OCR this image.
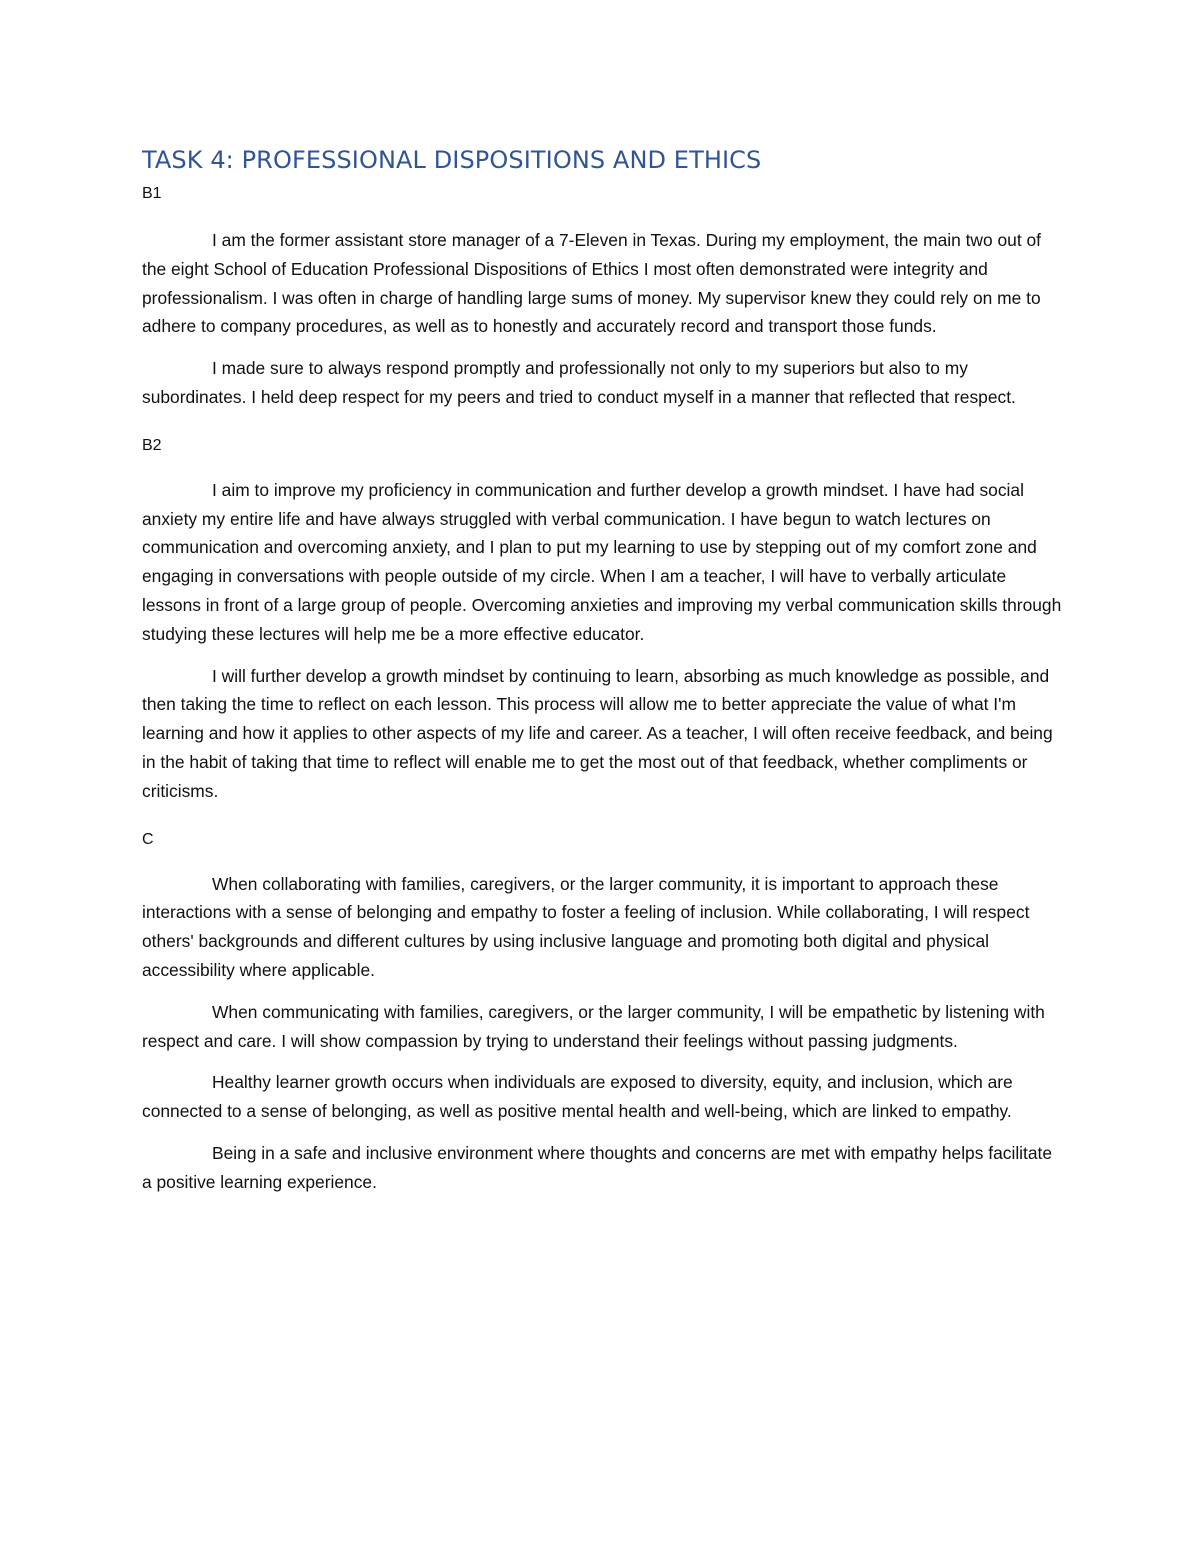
TASK 4: PROFESSIONAL DISPOSITIONS AND ETHICS
B1

I am the former assistant store manager of a 7-Eleven in Texas. During my employment, the main two out of the eight School of Education Professional Dispositions of Ethics I most often demonstrated were integrity and professionalism. I was often in charge of handling large sums of money. My supervisor knew they could rely on me to adhere to company procedures, as well as to honestly and accurately record and transport those funds.

I made sure to always respond promptly and professionally not only to my superiors but also to my subordinates. I held deep respect for my peers and tried to conduct myself in a manner that reflected that respect.

B2

I aim to improve my proficiency in communication and further develop a growth mindset. I have had social anxiety my entire life and have always struggled with verbal communication. I have begun to watch lectures on communication and overcoming anxiety, and I plan to put my learning to use by stepping out of my comfort zone and engaging in conversations with people outside of my circle. When I am a teacher, I will have to verbally articulate lessons in front of a large group of people. Overcoming anxieties and improving my verbal communication skills through studying these lectures will help me be a more effective educator.

I will further develop a growth mindset by continuing to learn, absorbing as much knowledge as possible, and then taking the time to reflect on each lesson. This process will allow me to better appreciate the value of what I'm learning and how it applies to other aspects of my life and career. As a teacher, I will often receive feedback, and being in the habit of taking that time to reflect will enable me to get the most out of that feedback, whether compliments or criticisms.

C

When collaborating with families, caregivers, or the larger community, it is important to approach these interactions with a sense of belonging and empathy to foster a feeling of inclusion. While collaborating, I will respect others' backgrounds and different cultures by using inclusive language and promoting both digital and physical accessibility where applicable.

When communicating with families, caregivers, or the larger community, I will be empathetic by listening with respect and care. I will show compassion by trying to understand their feelings without passing judgments.

Healthy learner growth occurs when individuals are exposed to diversity, equity, and inclusion, which are connected to a sense of belonging, as well as positive mental health and well-being, which are linked to empathy.

Being in a safe and inclusive environment where thoughts and concerns are met with empathy helps facilitate a positive learning experience.
